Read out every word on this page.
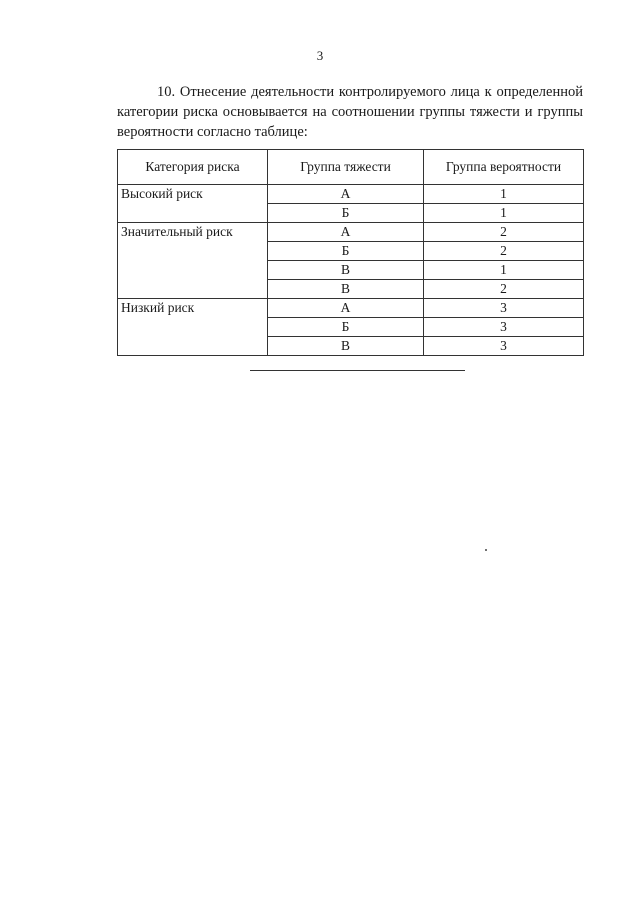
3

10. Отнесение деятельности контролируемого лица к определенной категории риска основывается на соотношении группы тяжести и группы вероятности согласно таблице:

Категория риска	Группа тяжести	Группа вероятности
Высокий риск	А	1
	Б	1
Значительный риск	А	2
	Б	2
	В	1
	В	2
Низкий риск	А	3
	Б	3
	В	3
